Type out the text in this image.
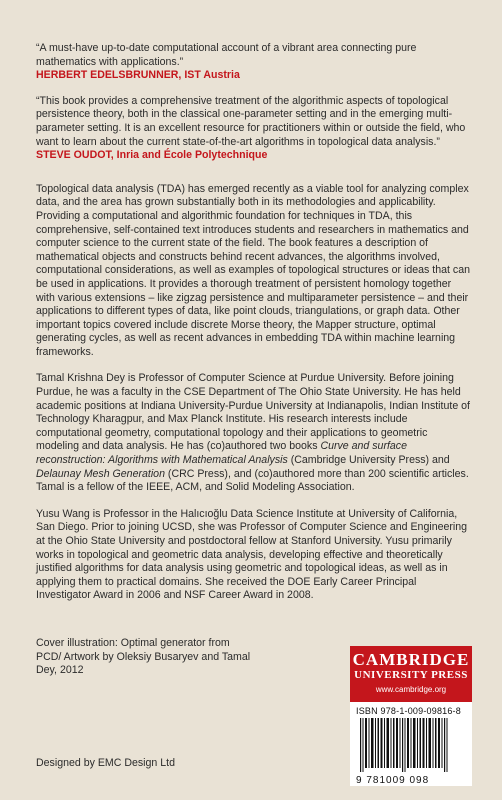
“A must-have up-to-date computational account of a vibrant area connecting pure mathematics with applications.”

HERBERT EDELSBRUNNER, IST Austria

“This book provides a comprehensive treatment of the algorithmic aspects of topological persistence theory, both in the classical one-parameter setting and in the emerging multi-parameter setting. It is an excellent resource for practitioners within or outside the field, who want to learn about the current state-of-the-art algorithms in topological data analysis.”

STEVE OUDOT, Inria and École Polytechnique

Topological data analysis (TDA) has emerged recently as a viable tool for analyzing complex data, and the area has grown substantially both in its methodologies and applicability. Providing a computational and algorithmic foundation for techniques in TDA, this comprehensive, self-contained text introduces students and researchers in mathematics and computer science to the current state of the field. The book features a description of mathematical objects and constructs behind recent advances, the algorithms involved, computational considerations, as well as examples of topological structures or ideas that can be used in applications. It provides a thorough treatment of persistent homology together with various extensions – like zigzag persistence and multiparameter persistence – and their applications to different types of data, like point clouds, triangulations, or graph data. Other important topics covered include discrete Morse theory, the Mapper structure, optimal generating cycles, as well as recent advances in embedding TDA within machine learning frameworks.

Tamal Krishna Dey is Professor of Computer Science at Purdue University. Before joining Purdue, he was a faculty in the CSE Department of The Ohio State University. He has held academic positions at Indiana University-Purdue University at Indianapolis, Indian Institute of Technology Kharagpur, and Max Planck Institute. His research interests include computational geometry, computational topology and their applications to geometric modeling and data analysis. He has (co)authored two books Curve and surface reconstruction: Algorithms with Mathematical Analysis (Cambridge University Press) and Delaunay Mesh Generation (CRC Press), and (co)authored more than 200 scientific articles. Tamal is a fellow of the IEEE, ACM, and Solid Modeling Association.

Yusu Wang is Professor in the Halıcıoğlu Data Science Institute at University of California, San Diego. Prior to joining UCSD, she was Professor of Computer Science and Engineering at the Ohio State University and postdoctoral fellow at Stanford University. Yusu primarily works in topological and geometric data analysis, developing effective and theoretically justified algorithms for data analysis using geometric and topological ideas, as well as in applying them to practical domains. She received the DOE Early Career Principal Investigator Award in 2006 and NSF Career Award in 2008.

Cover illustration: Optimal generator from PCD/ Artwork by Oleksiy Busaryev and Tamal Dey, 2012
Designed by EMC Design Ltd
CAMBRIDGE
UNIVERSITY PRESS
www.cambridge.org
ISBN 978-1-009-09816-8
9 781009 098
